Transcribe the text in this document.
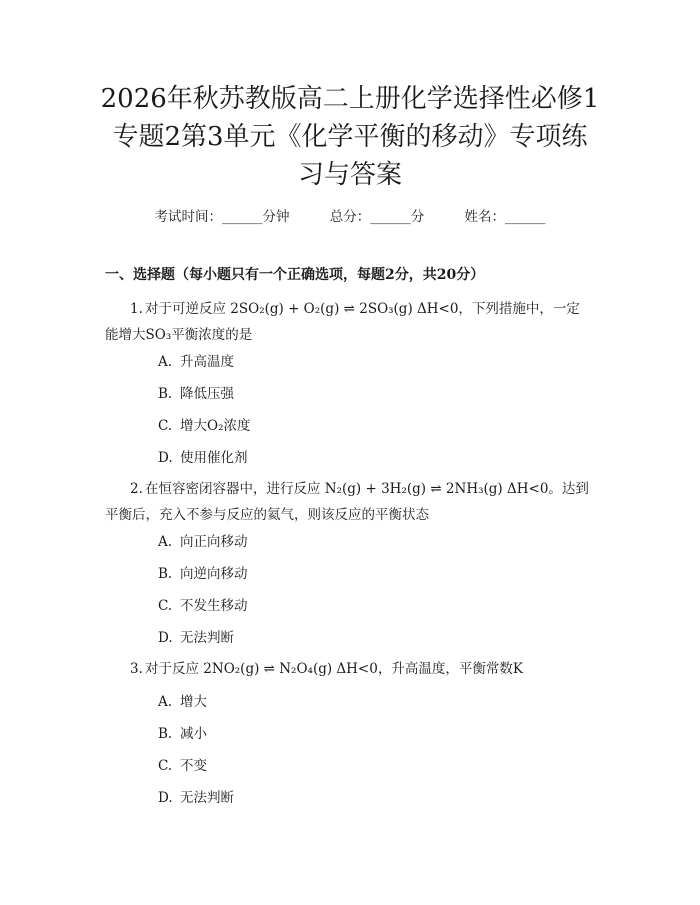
2026年秋苏教版高二上册化学选择性必修1
专题2第3单元《化学平衡的移动》专项练
习与答案
考试时间：______分钟	总分：______分	姓名：______
一、选择题（每小题只有一个正确选项，每题2分，共20分）
1. 对于可逆反应 2SO₂(g) + O₂(g) ⇌ 2SO₃(g) ΔH<0，下列措施中，一定
能增大SO₃平衡浓度的是
A. 升高温度
B. 降低压强
C. 增大O₂浓度
D. 使用催化剂
2. 在恒容密闭容器中，进行反应 N₂(g) + 3H₂(g) ⇌ 2NH₃(g) ΔH<0。达到
平衡后，充入不参与反应的氦气，则该反应的平衡状态
A. 向正向移动
B. 向逆向移动
C. 不发生移动
D. 无法判断
3. 对于反应 2NO₂(g) ⇌ N₂O₄(g) ΔH<0，升高温度，平衡常数K
A. 增大
B. 减小
C. 不变
D. 无法判断
